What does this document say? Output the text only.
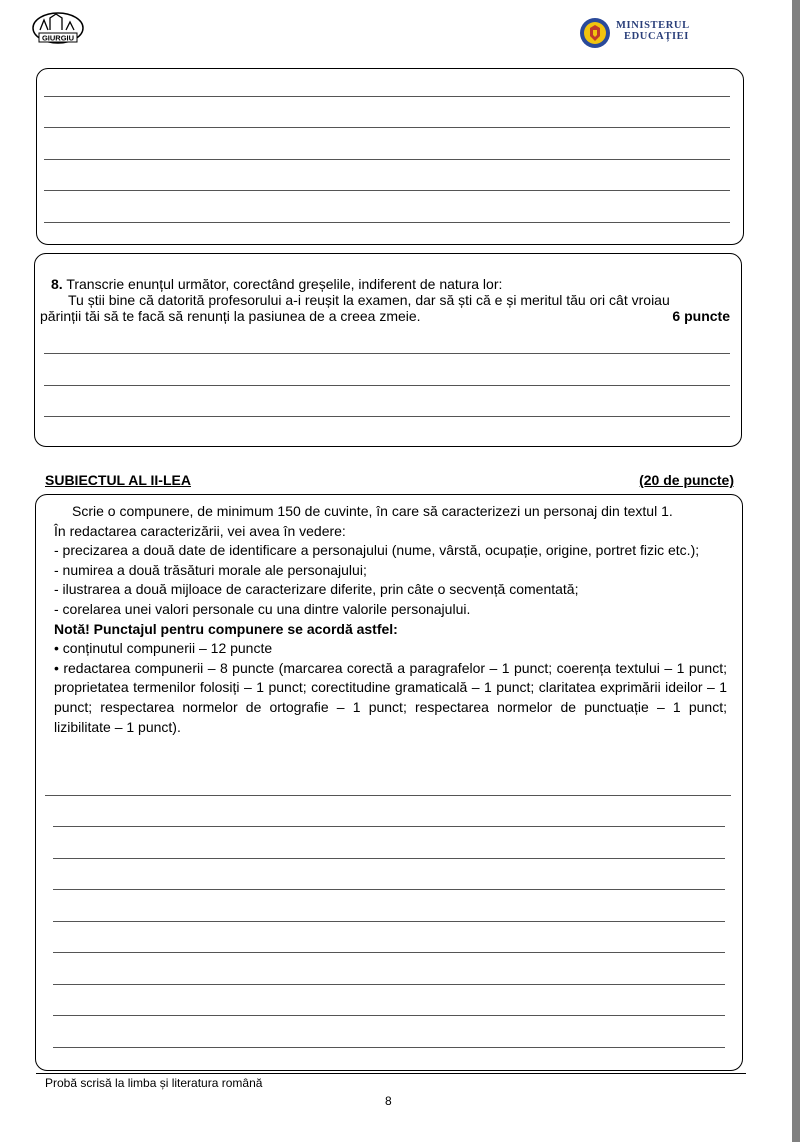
GIURGIU
MINISTERUL
EDUCAȚIEI
8. Transcrie enunțul următor, corectând greșelile, indiferent de natura lor:
Tu știi bine că datorită profesorului a-i reușit la examen, dar să ști că e și meritul tău ori cât vroiau
părinții tăi să te facă să renunți la pasiunea de a creea zmeie.	6 puncte
SUBIECTUL AL II-LEA	(20 de puncte)

Scrie o compunere, de minimum 150 de cuvinte, în care să caracterizezi un personaj din textul 1.

În redactarea caracterizării, vei avea în vedere:

- precizarea a două date de identificare a personajului (nume, vârstă, ocupație, origine, portret fizic etc.);

- numirea a două trăsături morale ale personajului;

- ilustrarea a două mijloace de caracterizare diferite, prin câte o secvență comentată;

- corelarea unei valori personale cu una dintre valorile personajului.

Notă! Punctajul pentru compunere se acordă astfel:

• conținutul compunerii – 12 puncte

• redactarea compunerii – 8 puncte (marcarea corectă a paragrafelor – 1 punct; coerența textului – 1 punct; proprietatea termenilor folosiți – 1 punct; corectitudine gramaticală – 1 punct; claritatea exprimării ideilor – 1 punct; respectarea normelor de ortografie – 1 punct; respectarea normelor de punctuație – 1 punct; lizibilitate – 1 punct).

Probă scrisă la limba și literatura română
8
